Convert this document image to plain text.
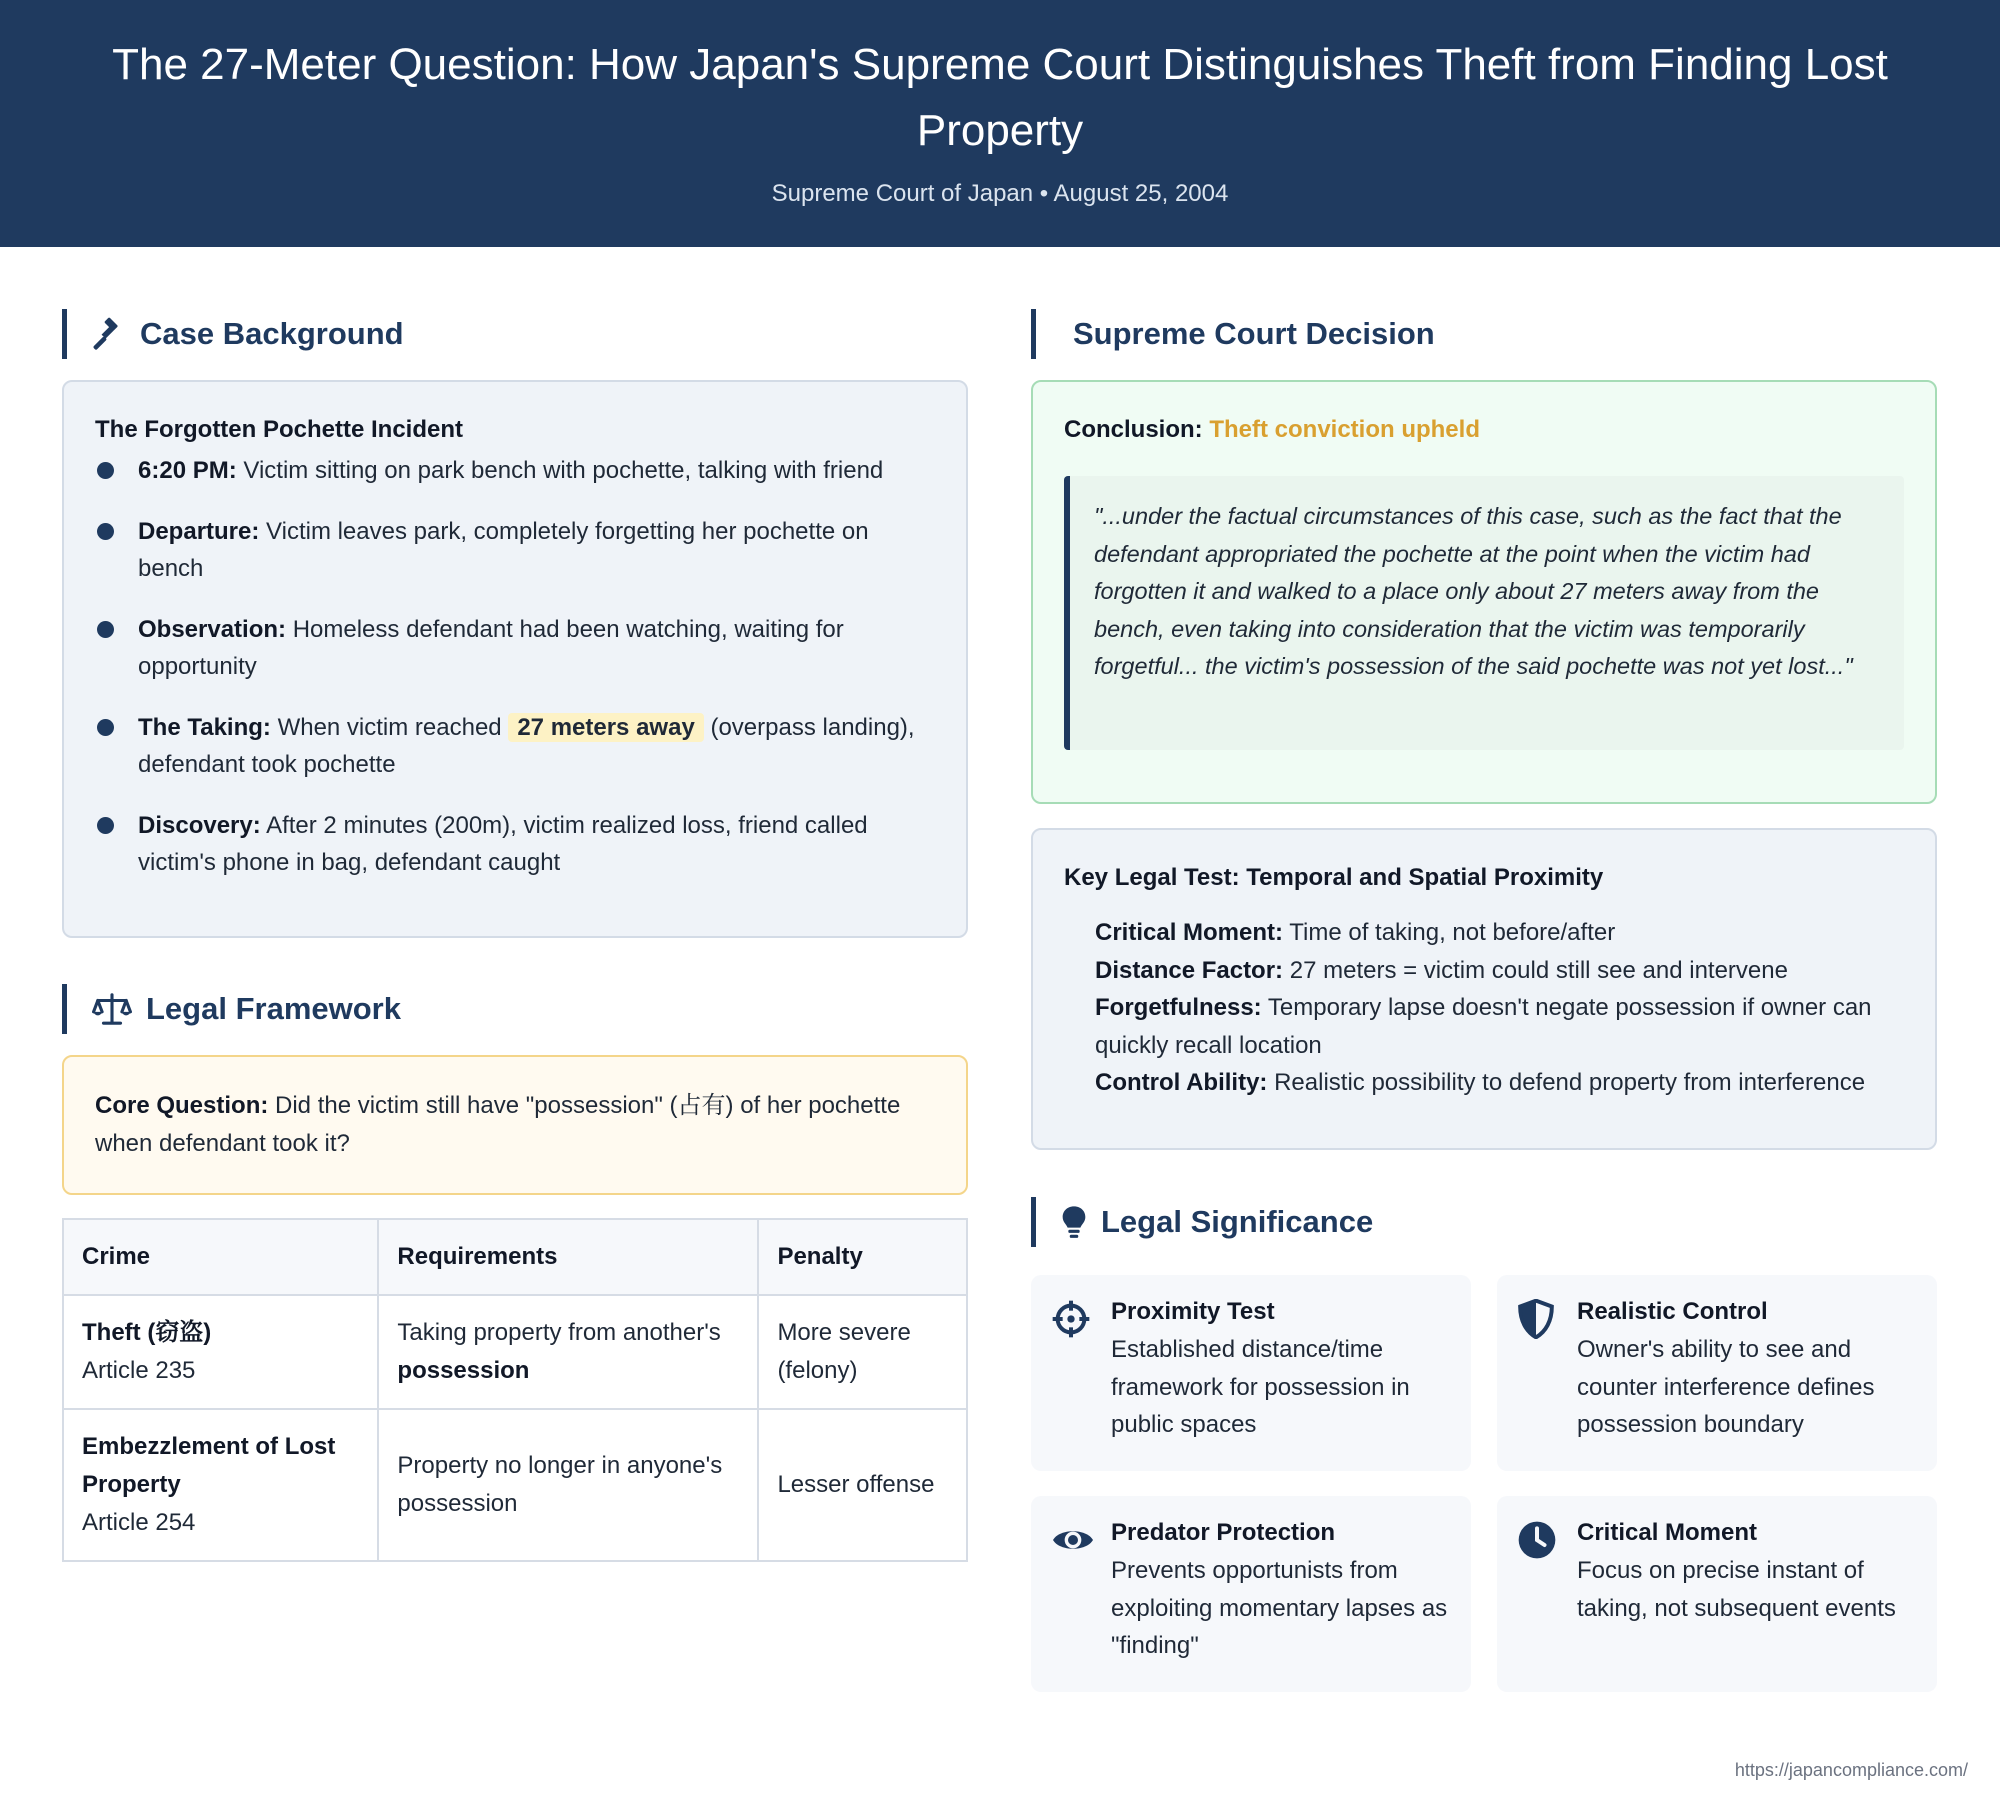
The 27-Meter Question: How Japan's Supreme Court Distinguishes Theft from Finding Lost Property
Supreme Court of Japan • August 25, 2004
Case Background
The Forgotten Pochette Incident
6:20 PM: Victim sitting on park bench with pochette, talking with friend
Departure: Victim leaves park, completely forgetting her pochette on bench
Observation: Homeless defendant had been watching, waiting for opportunity
The Taking: When victim reached 27 meters away (overpass landing), defendant took pochette
Discovery: After 2 minutes (200m), victim realized loss, friend called victim's phone in bag, defendant caught
Legal Framework
Core Question: Did the victim still have "possession" (占有) of her pochette when defendant took it?
Crime	Requirements	Penalty
Theft (窃盗)
Article 235	Taking property from another's possession	More severe (felony)
Embezzlement of Lost Property
Article 254	Property no longer in anyone's possession	Lesser offense
Supreme Court Decision
Conclusion: Theft conviction upheld
"...under the factual circumstances of this case, such as the fact that the defendant appropriated the pochette at the point when the victim had forgotten it and walked to a place only about 27 meters away from the bench, even taking into consideration that the victim was temporarily forgetful... the victim's possession of the said pochette was not yet lost..."
Key Legal Test: Temporal and Spatial Proximity
Critical Moment: Time of taking, not before/after
Distance Factor: 27 meters = victim could still see and intervene
Forgetfulness: Temporary lapse doesn't negate possession if owner can quickly recall location
Control Ability: Realistic possibility to defend property from interference
Legal Significance
Proximity Test
Established distance/time framework for possession in public spaces
Realistic Control
Owner's ability to see and counter interference defines possession boundary
Predator Protection
Prevents opportunists from exploiting momentary lapses as "finding"
Critical Moment
Focus on precise instant of taking, not subsequent events
https://japancompliance.com/
